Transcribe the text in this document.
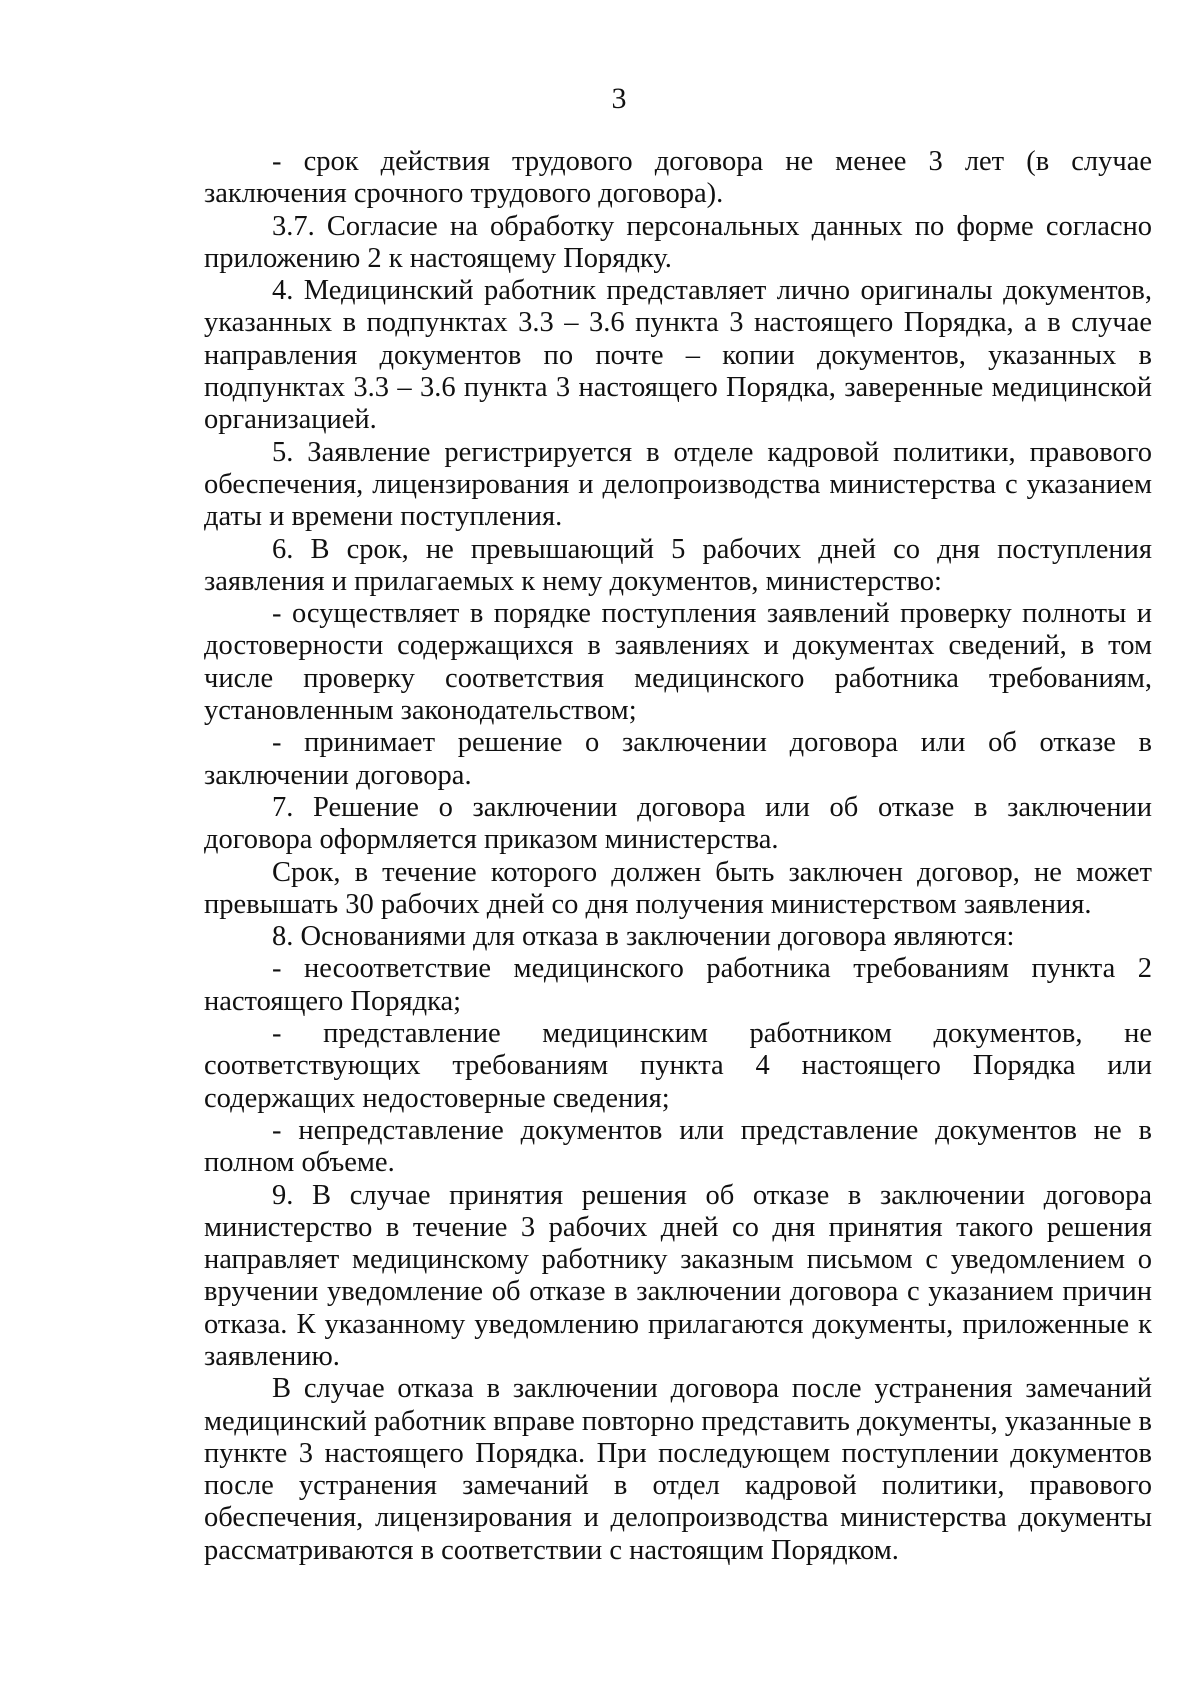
3

- срок действия трудового договора не менее 3 лет (в случае заключения срочного трудового договора).

3.7. Согласие на обработку персональных данных по форме согласно приложению 2 к настоящему Порядку.

4. Медицинский работник представляет лично оригиналы документов, указанных в подпунктах 3.3 – 3.6 пункта 3 настоящего Порядка, а в случае направления документов по почте – копии документов, указанных в подпунктах 3.3 – 3.6 пункта 3 настоящего Порядка, заверенные медицинской организацией.

5. Заявление регистрируется в отделе кадровой политики, правового обеспечения, лицензирования и делопроизводства министерства с указанием даты и времени поступления.

6. В срок, не превышающий 5 рабочих дней со дня поступления заявления и прилагаемых к нему документов, министерство:

- осуществляет в порядке поступления заявлений проверку полноты и достоверности содержащихся в заявлениях и документах сведений, в том числе проверку соответствия медицинского работника требованиям, установленным законодательством;

- принимает решение о заключении договора или об отказе в заключении договора.

7. Решение о заключении договора или об отказе в заключении договора оформляется приказом министерства.

Срок, в течение которого должен быть заключен договор, не может превышать 30 рабочих дней со дня получения министерством заявления.

8. Основаниями для отказа в заключении договора являются:

- несоответствие медицинского работника требованиям пункта 2 настоящего Порядка;

- представление медицинским работником документов, не соответствующих требованиям пункта 4 настоящего Порядка или содержащих недостоверные сведения;

- непредставление документов или представление документов не в полном объеме.

9. В случае принятия решения об отказе в заключении договора министерство в течение 3 рабочих дней со дня принятия такого решения направляет медицинскому работнику заказным письмом с уведомлением о вручении уведомление об отказе в заключении договора с указанием причин отказа. К указанному уведомлению прилагаются документы, приложенные к заявлению.

В случае отказа в заключении договора после устранения замечаний медицинский работник вправе повторно представить документы, указанные в пункте 3 настоящего Порядка. При последующем поступлении документов после устранения замечаний в отдел кадровой политики, правового обеспечения, лицензирования и делопроизводства министерства документы рассматриваются в соответствии с настоящим Порядком.
